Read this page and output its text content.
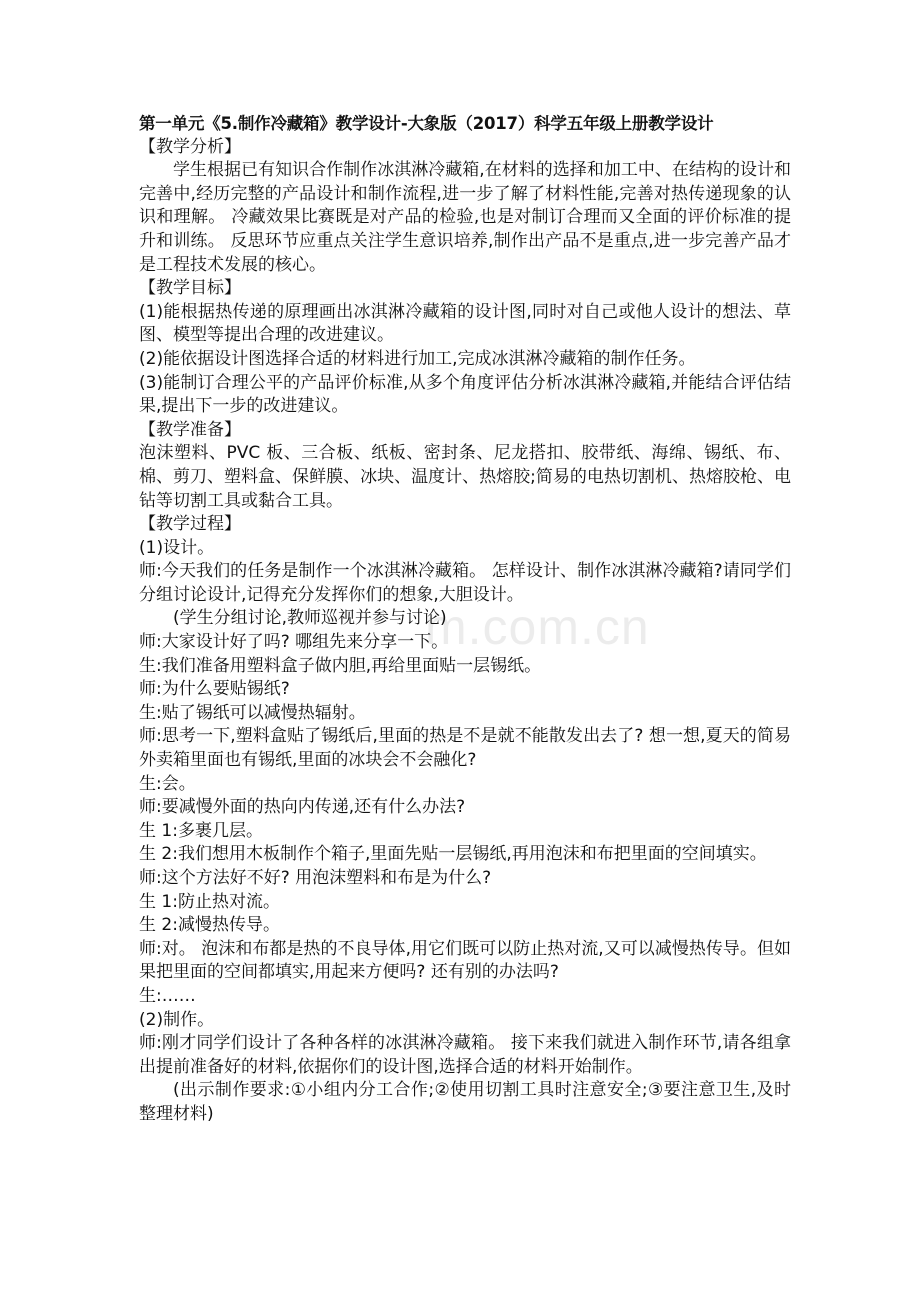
m.com.cn

第一单元《5.制作冷藏箱》教学设计-大象版（2017）科学五年级上册教学设计

【教学分析】

学生根据已有知识合作制作冰淇淋冷藏箱,在材料的选择和加工中、在结构的设计和完善中,经历完整的产品设计和制作流程,进一步了解了材料性能,完善对热传递现象的认识和理解。 冷藏效果比赛既是对产品的检验,也是对制订合理而又全面的评价标准的提升和训练。 反思环节应重点关注学生意识培养,制作出产品不是重点,进一步完善产品才是工程技术发展的核心。

【教学目标】

(1)能根据热传递的原理画出冰淇淋冷藏箱的设计图,同时对自己或他人设计的想法、草图、模型等提出合理的改进建议。

(2)能依据设计图选择合适的材料进行加工,完成冰淇淋冷藏箱的制作任务。

(3)能制订合理公平的产品评价标准,从多个角度评估分析冰淇淋冷藏箱,并能结合评估结果,提出下一步的改进建议。

【教学准备】

泡沫塑料、PVC 板、三合板、纸板、密封条、尼龙搭扣、胶带纸、海绵、锡纸、布、棉、剪刀、塑料盒、保鲜膜、冰块、温度计、热熔胶;简易的电热切割机、热熔胶枪、电钻等切割工具或黏合工具。

【教学过程】

(1)设计。

师:今天我们的任务是制作一个冰淇淋冷藏箱。 怎样设计、制作冰淇淋冷藏箱?请同学们分组讨论设计,记得充分发挥你们的想象,大胆设计。

(学生分组讨论,教师巡视并参与讨论)

师:大家设计好了吗? 哪组先来分享一下。

生:我们准备用塑料盒子做内胆,再给里面贴一层锡纸。

师:为什么要贴锡纸?

生:贴了锡纸可以减慢热辐射。

师:思考一下,塑料盒贴了锡纸后,里面的热是不是就不能散发出去了? 想一想,夏天的简易外卖箱里面也有锡纸,里面的冰块会不会融化?

生:会。

师:要减慢外面的热向内传递,还有什么办法?

生 1:多裹几层。

生 2:我们想用木板制作个箱子,里面先贴一层锡纸,再用泡沫和布把里面的空间填实。

师:这个方法好不好? 用泡沫塑料和布是为什么?

生 1:防止热对流。

生 2:减慢热传导。

师:对。 泡沫和布都是热的不良导体,用它们既可以防止热对流,又可以减慢热传导。但如果把里面的空间都填实,用起来方便吗? 还有别的办法吗?

生:……

(2)制作。

师:刚才同学们设计了各种各样的冰淇淋冷藏箱。 接下来我们就进入制作环节,请各组拿出提前准备好的材料,依据你们的设计图,选择合适的材料开始制作。

(出示制作要求:①小组内分工合作;②使用切割工具时注意安全;③要注意卫生,及时整理材料)
